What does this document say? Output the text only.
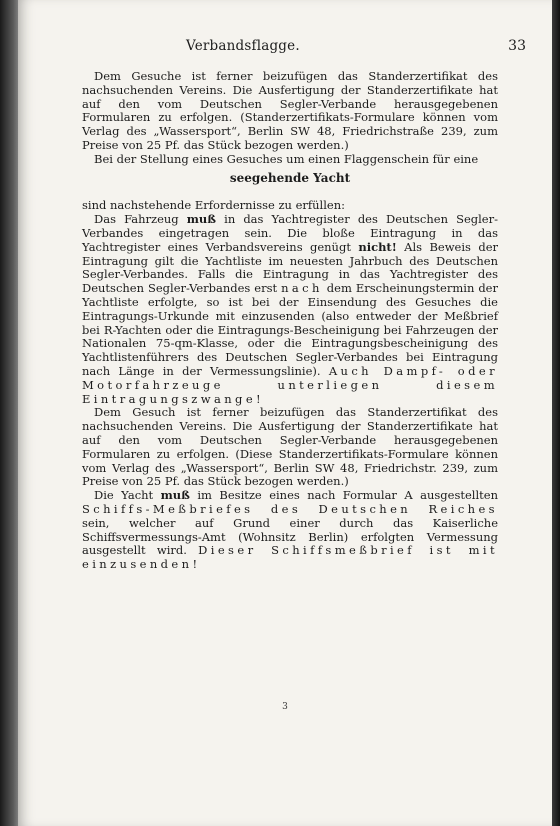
Verbandsflagge.	33

Dem Gesuche ist ferner beizufügen das Standerzertifikat des nachsuchenden Vereins. Die Ausfertigung der Standerzertifikate hat auf den vom Deutschen Segler-Verbande herausgegebenen Formularen zu erfolgen. (Standerzertifikats-Formulare können vom Verlag des „Wassersport“, Berlin SW 48, Friedrichstraße 239, zum Preise von 25 Pf. das Stück bezogen werden.)

Bei der Stellung eines Gesuches um einen Flaggenschein für eine

seegehende Yacht

sind nachstehende Erfordernisse zu erfüllen:

Das Fahrzeug muß in das Yachtregister des Deutschen Segler-Verbandes eingetragen sein. Die bloße Eintragung in das Yachtregister eines Verbandsvereins genügt nicht! Als Beweis der Eintragung gilt die Yachtliste im neuesten Jahrbuch des Deutschen Segler-Verbandes. Falls die Eintragung in das Yachtregister des Deutschen Segler-Verbandes erst nach dem Erscheinungstermin der Yachtliste erfolgte, so ist bei der Einsendung des Gesuches die Eintragungs-Urkunde mit einzusenden (also entweder der Meßbrief bei R-Yachten oder die Eintragungs-Bescheinigung bei Fahrzeugen der Nationalen 75-qm-Klasse, oder die Eintragungsbescheinigung des Yachtlistenführers des Deutschen Segler-Verbandes bei Eintragung nach Länge in der Vermessungslinie). Auch Dampf- oder Motorfahrzeuge unterliegen diesem Eintragungszwange!

Dem Gesuch ist ferner beizufügen das Standerzertifikat des nachsuchenden Vereins. Die Ausfertigung der Standerzertifikate hat auf den vom Deutschen Segler-Verbande herausgegebenen Formularen zu erfolgen. (Diese Standerzertifikats-Formulare können vom Verlag des „Wassersport“, Berlin SW 48, Friedrichstr. 239, zum Preise von 25 Pf. das Stück bezogen werden.)

Die Yacht muß im Besitze eines nach Formular A ausgestellten Schiffs-Meßbriefes des Deutschen Reiches sein, welcher auf Grund einer durch das Kaiserliche Schiffsvermessungs-Amt (Wohnsitz Berlin) erfolgten Vermessung ausgestellt wird. Dieser Schiffsmeßbrief ist mit einzusenden!

3
